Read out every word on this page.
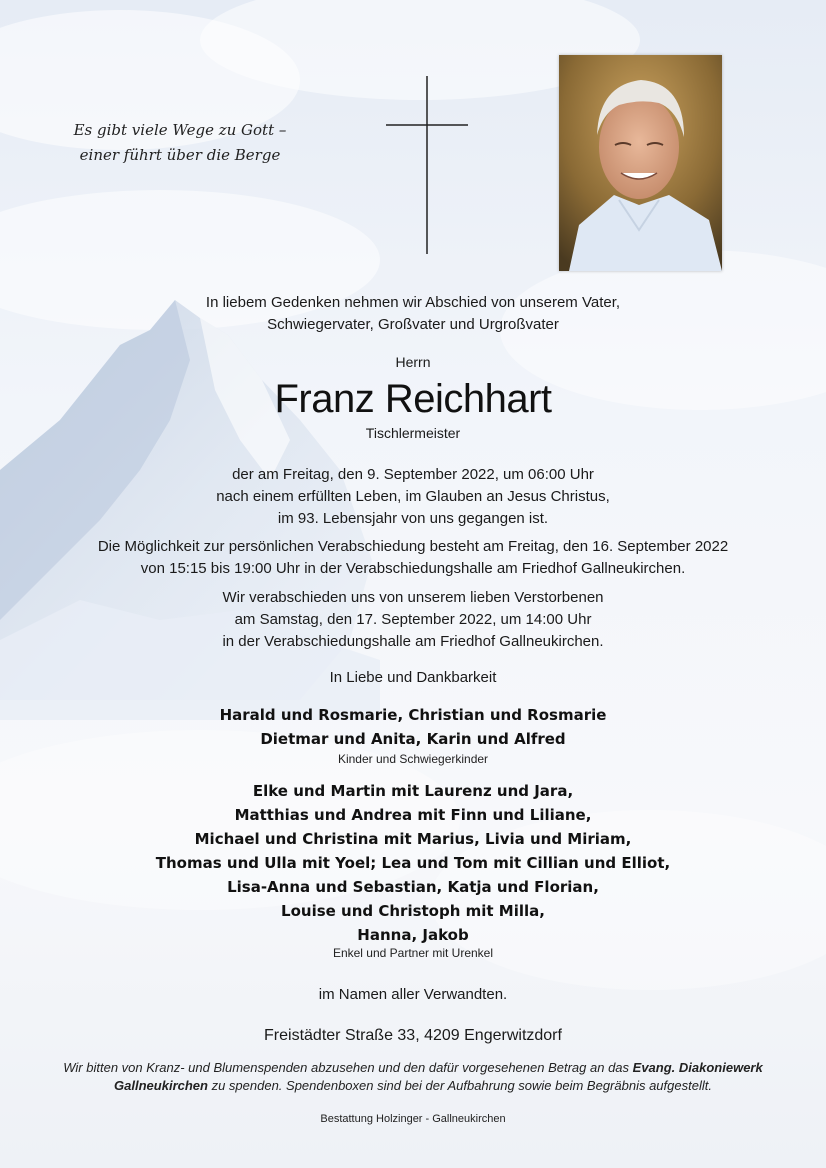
Es gibt viele Wege zu Gott –
einer führt über die Berge
In liebem Gedenken nehmen wir Abschied von unserem Vater,
Schwiegervater, Großvater und Urgroßvater
Herrn
Franz Reichhart
Tischlermeister
der am Freitag, den 9. September 2022, um 06:00 Uhr
nach einem erfüllten Leben, im Glauben an Jesus Christus,
im 93. Lebensjahr von uns gegangen ist.
Die Möglichkeit zur persönlichen Verabschiedung besteht am Freitag, den 16. September 2022
von 15:15 bis 19:00 Uhr in der Verabschiedungshalle am Friedhof Gallneukirchen.
Wir verabschieden uns von unserem lieben Verstorbenen
am Samstag, den 17. September 2022, um 14:00 Uhr
in der Verabschiedungshalle am Friedhof Gallneukirchen.
In Liebe und Dankbarkeit
Harald und Rosmarie, Christian und Rosmarie
Dietmar und Anita, Karin und Alfred
Kinder und Schwiegerkinder
Elke und Martin mit Laurenz und Jara,
Matthias und Andrea mit Finn und Liliane,
Michael und Christina mit Marius, Livia und Miriam,
Thomas und Ulla mit Yoel; Lea und Tom mit Cillian und Elliot,
Lisa-Anna und Sebastian, Katja und Florian,
Louise und Christoph mit Milla,
Hanna, Jakob
Enkel und Partner mit Urenkel
im Namen aller Verwandten.
Freistädter Straße 33, 4209 Engerwitzdorf
Wir bitten von Kranz- und Blumenspenden abzusehen und den dafür vorgesehenen Betrag an das Evang. Diakoniewerk
Gallneukirchen zu spenden. Spendenboxen sind bei der Aufbahrung sowie beim Begräbnis aufgestellt.
Bestattung Holzinger - Gallneukirchen
